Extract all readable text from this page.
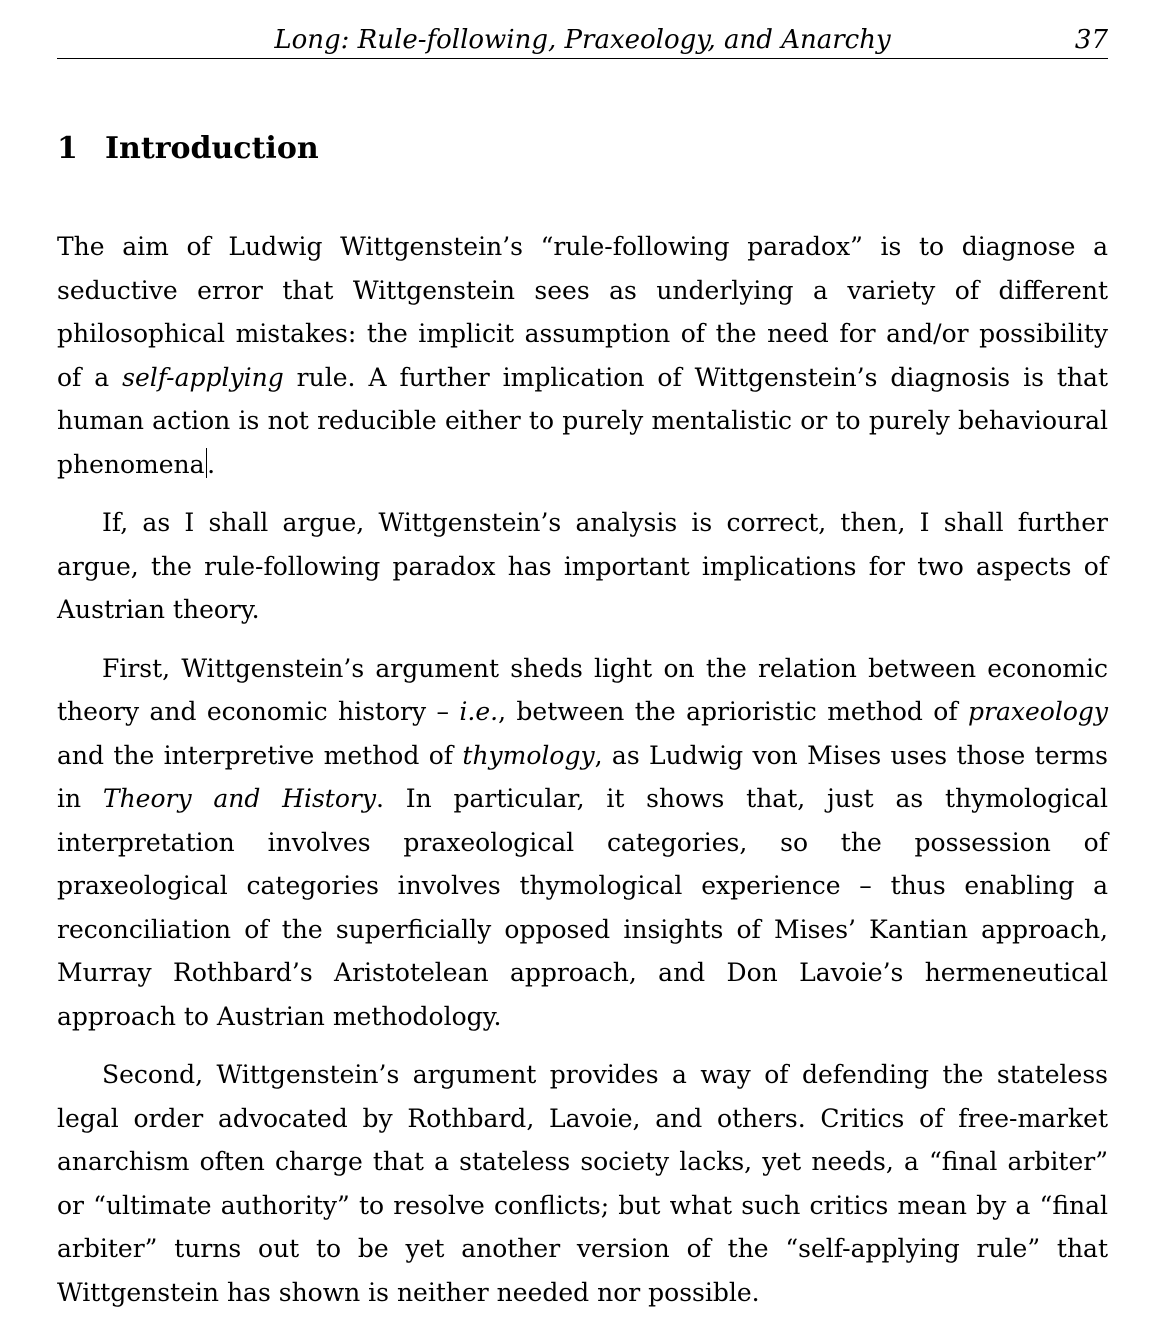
Long: Rule-following, Praxeology, and Anarchy	37
1 Introduction

The aim of Ludwig Wittgenstein’s “rule-following paradox” is to diagnose a seductive error that Wittgenstein sees as underlying a variety of different philosophical mistakes: the implicit assumption of the need for and/or possibility of a self-applying rule. A further implication of Wittgenstein’s diagnosis is that human action is not reducible either to purely mentalistic or to purely behavioural phenomena .

If, as I shall argue, Wittgenstein’s analysis is correct, then, I shall further argue, the rule-following paradox has important implications for two aspects of Austrian theory.

First, Wittgenstein’s argument sheds light on the relation between economic theory and economic history – i.e., between the aprioristic method of praxeology and the interpretive method of thymology, as Ludwig von Mises uses those terms in Theory and History. In particular, it shows that, just as thymological interpretation involves praxeological categories, so the possession of praxeological categories involves thymological experience – thus enabling a reconciliation of the superficially opposed insights of Mises’ Kantian approach, Murray Rothbard’s Aristotelean approach, and Don Lavoie’s hermeneutical approach to Austrian methodology.

Second, Wittgenstein’s argument provides a way of defending the stateless legal order advocated by Rothbard, Lavoie, and others. Critics of free-market anarchism often charge that a stateless society lacks, yet needs, a “final arbiter” or “ultimate authority” to resolve conflicts; but what such critics mean by a “final arbiter” turns out to be yet another version of the “self-applying rule” that Wittgenstein has shown is neither needed nor possible.
